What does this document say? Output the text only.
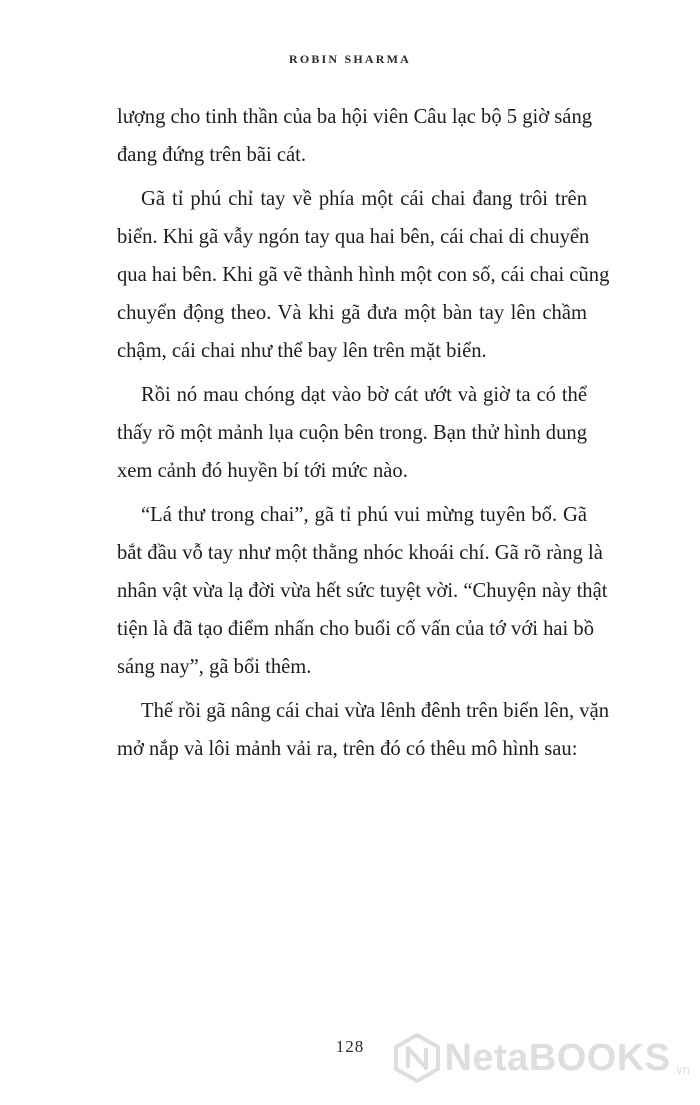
ROBIN SHARMA
lượng cho tinh thần của ba hội viên Câu lạc bộ 5 giờ sáng
đang đứng trên bãi cát.
Gã tỉ phú chỉ tay về phía một cái chai đang trôi trên
biển. Khi gã vẫy ngón tay qua hai bên, cái chai di chuyển
qua hai bên. Khi gã vẽ thành hình một con số, cái chai cũng
chuyển động theo. Và khi gã đưa một bàn tay lên chầm
chậm, cái chai như thể bay lên trên mặt biển.
Rồi nó mau chóng dạt vào bờ cát ướt và giờ ta có thể
thấy rõ một mảnh lụa cuộn bên trong. Bạn thử hình dung
xem cảnh đó huyền bí tới mức nào.
“Lá thư trong chai”, gã tỉ phú vui mừng tuyên bố. Gã
bắt đầu vỗ tay như một thằng nhóc khoái chí. Gã rõ ràng là
nhân vật vừa lạ đời vừa hết sức tuyệt vời. “Chuyện này thật
tiện là đã tạo điểm nhấn cho buổi cố vấn của tớ với hai bồ
sáng nay”, gã bổi thêm.
Thế rồi gã nâng cái chai vừa lênh đênh trên biển lên, vặn
mở nắp và lôi mảnh vải ra, trên đó có thêu mô hình sau:
128	NetaBOOKS .vn
